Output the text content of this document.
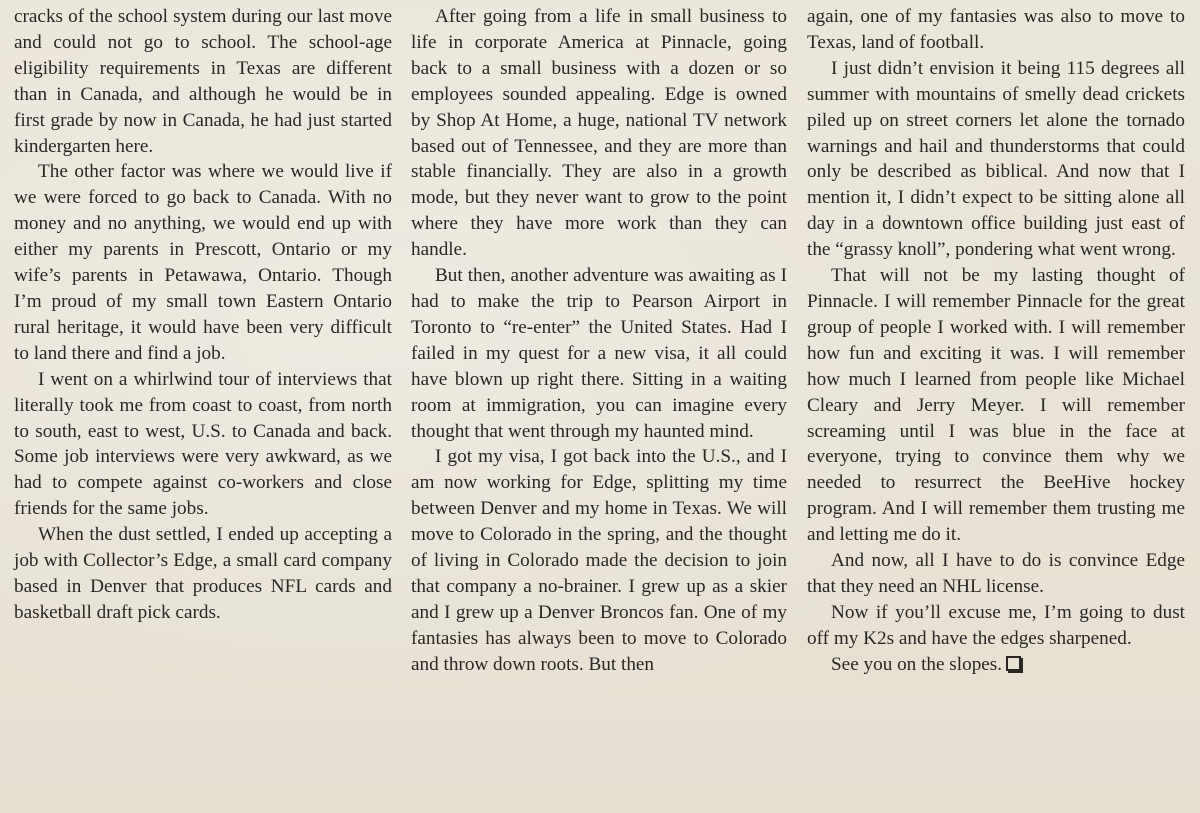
cracks of the school system during our last move and could not go to school. The school-age eligibility requirements in Texas are different than in Canada, and although he would be in first grade by now in Canada, he had just started kindergarten here.

The other factor was where we would live if we were forced to go back to Canada. With no money and no anything, we would end up with either my parents in Prescott, Ontario or my wife’s parents in Petawawa, Ontario. Though I’m proud of my small town Eastern Ontario rural heritage, it would have been very difficult to land there and find a job.

I went on a whirlwind tour of interviews that literally took me from coast to coast, from north to south, east to west, U.S. to Canada and back. Some job interviews were very awkward, as we had to compete against co-workers and close friends for the same jobs.

When the dust settled, I ended up accepting a job with Collector’s Edge, a small card company based in Denver that produces NFL cards and basketball draft pick cards.

After going from a life in small business to life in corporate America at Pinnacle, going back to a small business with a dozen or so employees sounded appealing. Edge is owned by Shop At Home, a huge, national TV network based out of Tennessee, and they are more than stable financially. They are also in a growth mode, but they never want to grow to the point where they have more work than they can handle.

But then, another adventure was awaiting as I had to make the trip to Pearson Airport in Toronto to “re-enter” the United States. Had I failed in my quest for a new visa, it all could have blown up right there. Sitting in a waiting room at immigration, you can imagine every thought that went through my haunted mind.

I got my visa, I got back into the U.S., and I am now working for Edge, splitting my time between Denver and my home in Texas. We will move to Colorado in the spring, and the thought of living in Colorado made the decision to join that company a no-brainer. I grew up as a skier and I grew up a Denver Broncos fan. One of my fantasies has always been to move to Colorado and throw down roots. But then

again, one of my fantasies was also to move to Texas, land of football.

I just didn’t envision it being 115 degrees all summer with mountains of smelly dead crickets piled up on street corners let alone the tornado warnings and hail and thunderstorms that could only be described as biblical. And now that I mention it, I didn’t expect to be sitting alone all day in a downtown office building just east of the “grassy knoll”, pondering what went wrong.

That will not be my lasting thought of Pinnacle. I will remember Pinnacle for the great group of people I worked with. I will remember how fun and exciting it was. I will remember how much I learned from people like Michael Cleary and Jerry Meyer. I will remember screaming until I was blue in the face at everyone, trying to convince them why we needed to resurrect the BeeHive hockey program. And I will remember them trusting me and letting me do it.

And now, all I have to do is convince Edge that they need an NHL license.

Now if you’ll excuse me, I’m going to dust off my K2s and have the edges sharpened.

See you on the slopes.
